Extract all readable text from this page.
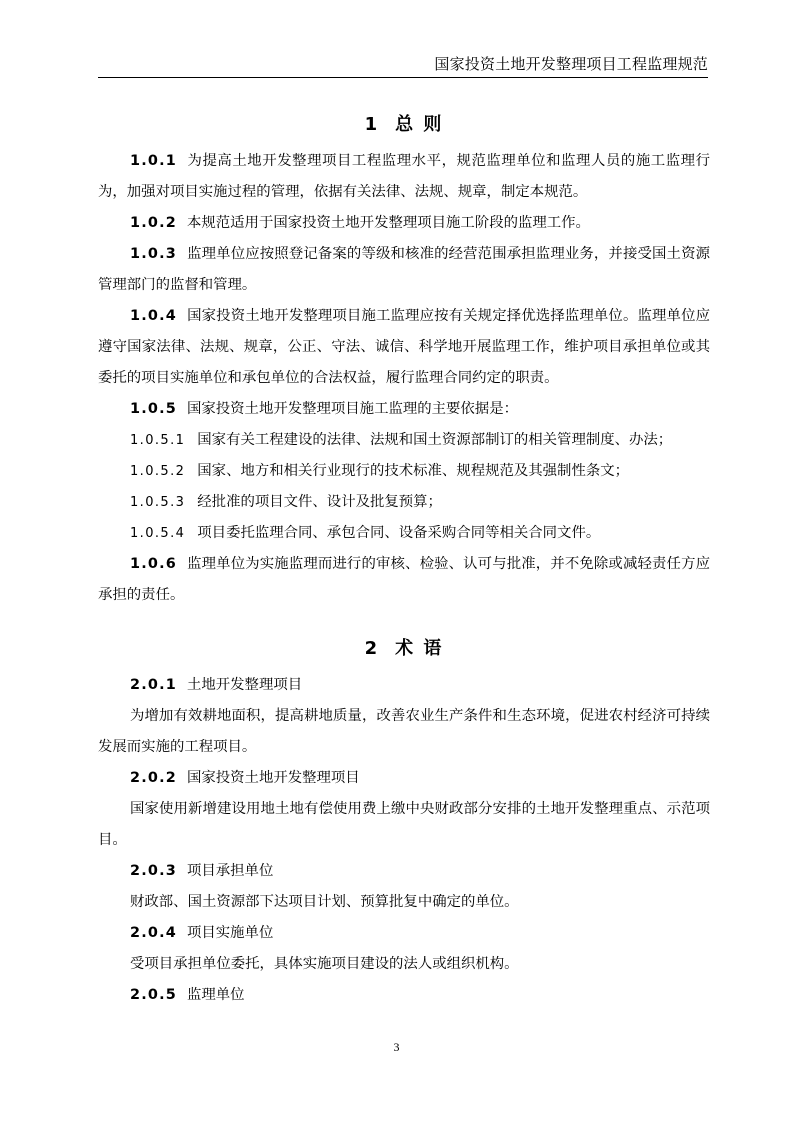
国家投资土地开发整理项目工程监理规范
1 总 则

1.0.1 为提高土地开发整理项目工程监理水平，规范监理单位和监理人员的施工监理行为，加强对项目实施过程的管理，依据有关法律、法规、规章，制定本规范。

1.0.2 本规范适用于国家投资土地开发整理项目施工阶段的监理工作。

1.0.3 监理单位应按照登记备案的等级和核准的经营范围承担监理业务，并接受国土资源管理部门的监督和管理。

1.0.4 国家投资土地开发整理项目施工监理应按有关规定择优选择监理单位。监理单位应遵守国家法律、法规、规章，公正、守法、诚信、科学地开展监理工作，维护项目承担单位或其委托的项目实施单位和承包单位的合法权益，履行监理合同约定的职责。

1.0.5 国家投资土地开发整理项目施工监理的主要依据是：

1.0.5.1 国家有关工程建设的法律、法规和国土资源部制订的相关管理制度、办法；

1.0.5.2 国家、地方和相关行业现行的技术标准、规程规范及其强制性条文；

1.0.5.3 经批准的项目文件、设计及批复预算；

1.0.5.4 项目委托监理合同、承包合同、设备采购合同等相关合同文件。

1.0.6 监理单位为实施监理而进行的审核、检验、认可与批准，并不免除或减轻责任方应承担的责任。

2 术 语

2.0.1 土地开发整理项目

为增加有效耕地面积，提高耕地质量，改善农业生产条件和生态环境，促进农村经济可持续发展而实施的工程项目。

2.0.2 国家投资土地开发整理项目

国家使用新增建设用地土地有偿使用费上缴中央财政部分安排的土地开发整理重点、示范项目。

2.0.3 项目承担单位

财政部、国土资源部下达项目计划、预算批复中确定的单位。

2.0.4 项目实施单位

受项目承担单位委托，具体实施项目建设的法人或组织机构。

2.0.5 监理单位

3
